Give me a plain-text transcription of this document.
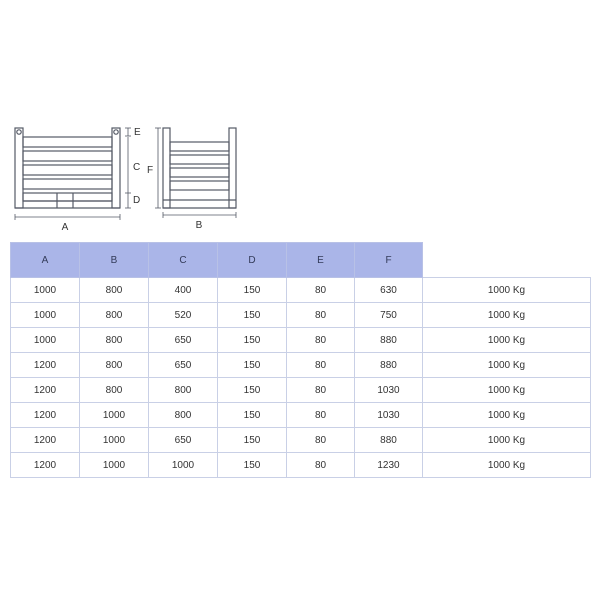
A	B
E
C
D
F
A	B	C	D	E	F	
1000	800	400	150	80	630	1000 Kg
1000	800	520	150	80	750	1000 Kg
1000	800	650	150	80	880	1000 Kg
1200	800	650	150	80	880	1000 Kg
1200	800	800	150	80	1030	1000 Kg
1200	1000	800	150	80	1030	1000 Kg
1200	1000	650	150	80	880	1000 Kg
1200	1000	1000	150	80	1230	1000 Kg
